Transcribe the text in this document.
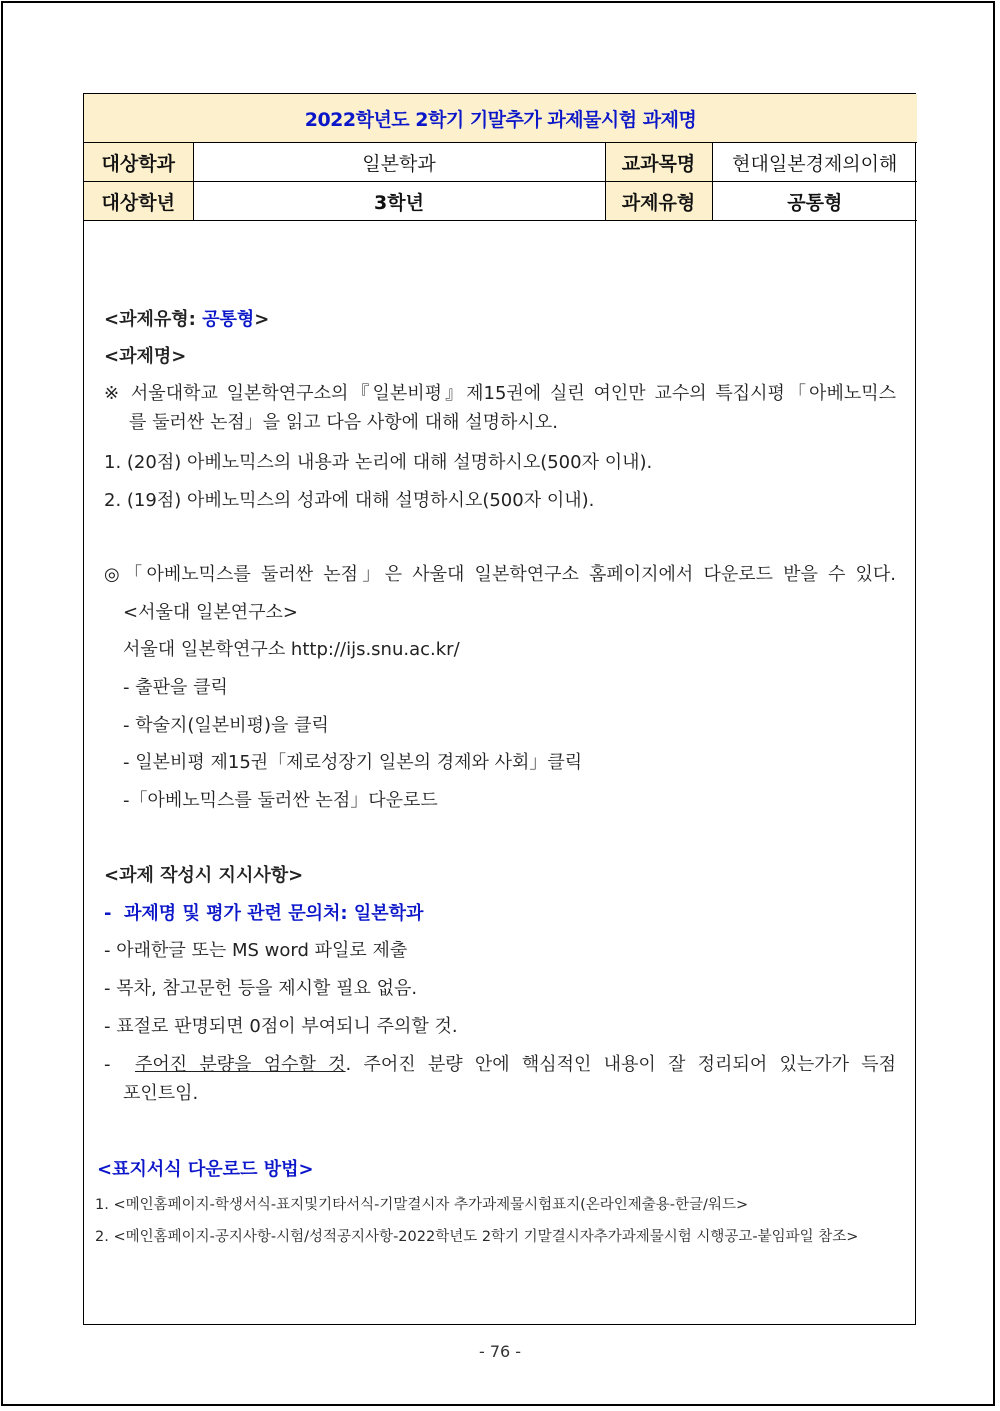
2022학년도 2학기 기말추가 과제물시험 과제명			
대상학과	일본학과	교과목명	현대일본경제의이해
대상학년	3학년	과제유형	공통형
<과제유형: 공통형>
<과제명>
※ 서울대학교 일본학연구소의『일본비평』제15권에 실린 여인만 교수의 특집시평「아베노믹스
를 둘러싼 논점」을 읽고 다음 사항에 대해 설명하시오.
1. (20점) 아베노믹스의 내용과 논리에 대해 설명하시오(500자 이내).
2. (19점) 아베노믹스의 성과에 대해 설명하시오(500자 이내).
◎「아베노믹스를 둘러싼 논점」은 사울대 일본학연구소 홈페이지에서 다운로드 받을 수 있다.
<서울대 일본연구소>
서울대 일본학연구소 http://ijs.snu.ac.kr/
- 출판을 클릭
- 학술지(일본비평)을 클릭
- 일본비평 제15권「제로성장기 일본의 경제와 사회」클릭
-「아베노믹스를 둘러싼 논점」다운로드
<과제 작성시 지시사항>
- 과제명 및 평가 관련 문의처: 일본학과
- 아래한글 또는 MS word 파일로 제출
- 목차, 참고문헌 등을 제시할 필요 없음.
- 표절로 판명되면 0점이 부여되니 주의할 것.
- 주어진 분량을 엄수할 것. 주어진 분량 안에 핵심적인 내용이 잘 정리되어 있는가가 득점
포인트임.
<표지서식 다운로드 방법>
1. <메인홈페이지-학생서식-표지및기타서식-기말결시자 추가과제물시험표지(온라인제출용-한글/워드>
2. <메인홈페이지-공지사항-시험/성적공지사항-2022학년도 2학기 기말결시자추가과제물시험 시행공고-붙임파일 참조>
- 76 -
